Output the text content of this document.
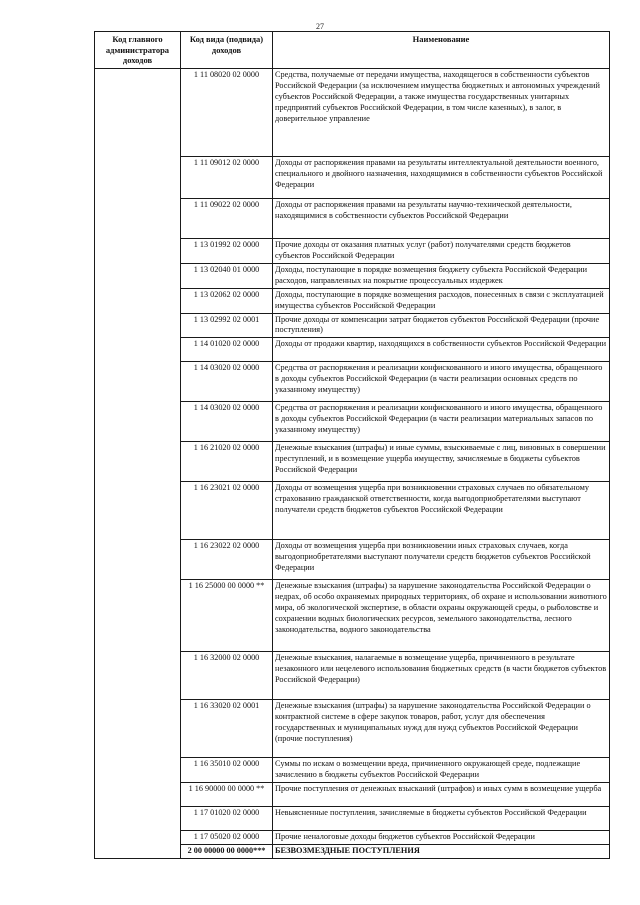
27
Код главного администратора доходов	Код вида (подвида) доходов	Наименование
	1 11 08020 02 0000	Средства, получаемые от передачи имущества, находящегося в собственности субъектов Российской Федерации (за исключением имущества бюджетных и автономных учреждений субъектов Российской Федерации, а также имущества государственных унитарных предприятий субъектов Российской Федерации, в том числе казенных), в залог, в доверительное управление
	1 11 09012 02 0000	Доходы от распоряжения правами на результаты интеллектуальной деятельности военного, специального и двойного назначения, находящимися в собственности субъектов Российской Федерации
	1 11 09022 02 0000	Доходы от распоряжения правами на результаты научно-технической деятельности, находящимися в собственности субъектов Российской Федерации
	1 13 01992 02 0000	Прочие доходы от оказания платных услуг (работ) получателями средств бюджетов субъектов Российской Федерации
	1 13 02040 01 0000	Доходы, поступающие в порядке возмещения бюджету субъекта Российской Федерации расходов, направленных на покрытие процессуальных издержек
	1 13 02062 02 0000	Доходы, поступающие в порядке возмещения расходов, понесенных в связи с эксплуатацией имущества субъектов Российской Федерации
	1 13 02992 02 0001	Прочие доходы от компенсации затрат бюджетов субъектов Российской Федерации (прочие поступления)
	1 14 01020 02 0000	Доходы от продажи квартир, находящихся в собственности субъектов Российской Федерации
	1 14 03020 02 0000	Средства от распоряжения и реализации конфискованного и иного имущества, обращенного в доходы субъектов Российской Федерации (в части реализации основных средств по указанному имуществу)
	1 14 03020 02 0000	Средства от распоряжения и реализации конфискованного и иного имущества, обращенного в доходы субъектов Российской Федерации (в части реализации материальных запасов по указанному имуществу)
	1 16 21020 02 0000	Денежные взыскания (штрафы) и иные суммы, взыскиваемые с лиц, виновных в совершении преступлений, и в возмещение ущерба имуществу, зачисляемые в бюджеты субъектов Российской Федерации
	1 16 23021 02 0000	Доходы от возмещения ущерба при возникновении страховых случаев по обязательному страхованию гражданской ответственности, когда выгодоприобретателями выступают получатели средств бюджетов субъектов Российской Федерации
	1 16 23022 02 0000	Доходы от возмещения ущерба при возникновении иных страховых случаев, когда выгодоприобретателями выступают получатели средств бюджетов субъектов Российской Федерации
	1 16 25000 00 0000 **	Денежные взыскания (штрафы) за нарушение законодательства Российской Федерации о недрах, об особо охраняемых природных территориях, об охране и использовании животного мира, об экологической экспертизе, в области охраны окружающей среды, о рыболовстве и сохранении водных биологических ресурсов, земельного законодательства, лесного законодательства, водного законодательства
	1 16 32000 02 0000	Денежные взыскания, налагаемые в возмещение ущерба, причиненного в результате незаконного или нецелевого использования бюджетных средств (в части бюджетов субъектов Российской Федерации)
	1 16 33020 02 0001	Денежные взыскания (штрафы) за нарушение законодательства Российской Федерации о контрактной системе в сфере закупок товаров, работ, услуг для обеспечения государственных и муниципальных нужд для нужд субъектов Российской Федерации (прочие поступления)
	1 16 35010 02 0000	Суммы по искам о возмещении вреда, причиненного окружающей среде, подлежащие зачислению в бюджеты субъектов Российской Федерации
	1 16 90000 00 0000 **	Прочие поступления от денежных взысканий (штрафов) и иных сумм в возмещение ущерба
	1 17 01020 02 0000	Невыясненные поступления, зачисляемые в бюджеты субъектов Российской Федерации
	1 17 05020 02 0000	Прочие неналоговые доходы бюджетов субъектов Российской Федерации
	2 00 00000 00 0000***	БЕЗВОЗМЕЗДНЫЕ ПОСТУПЛЕНИЯ
